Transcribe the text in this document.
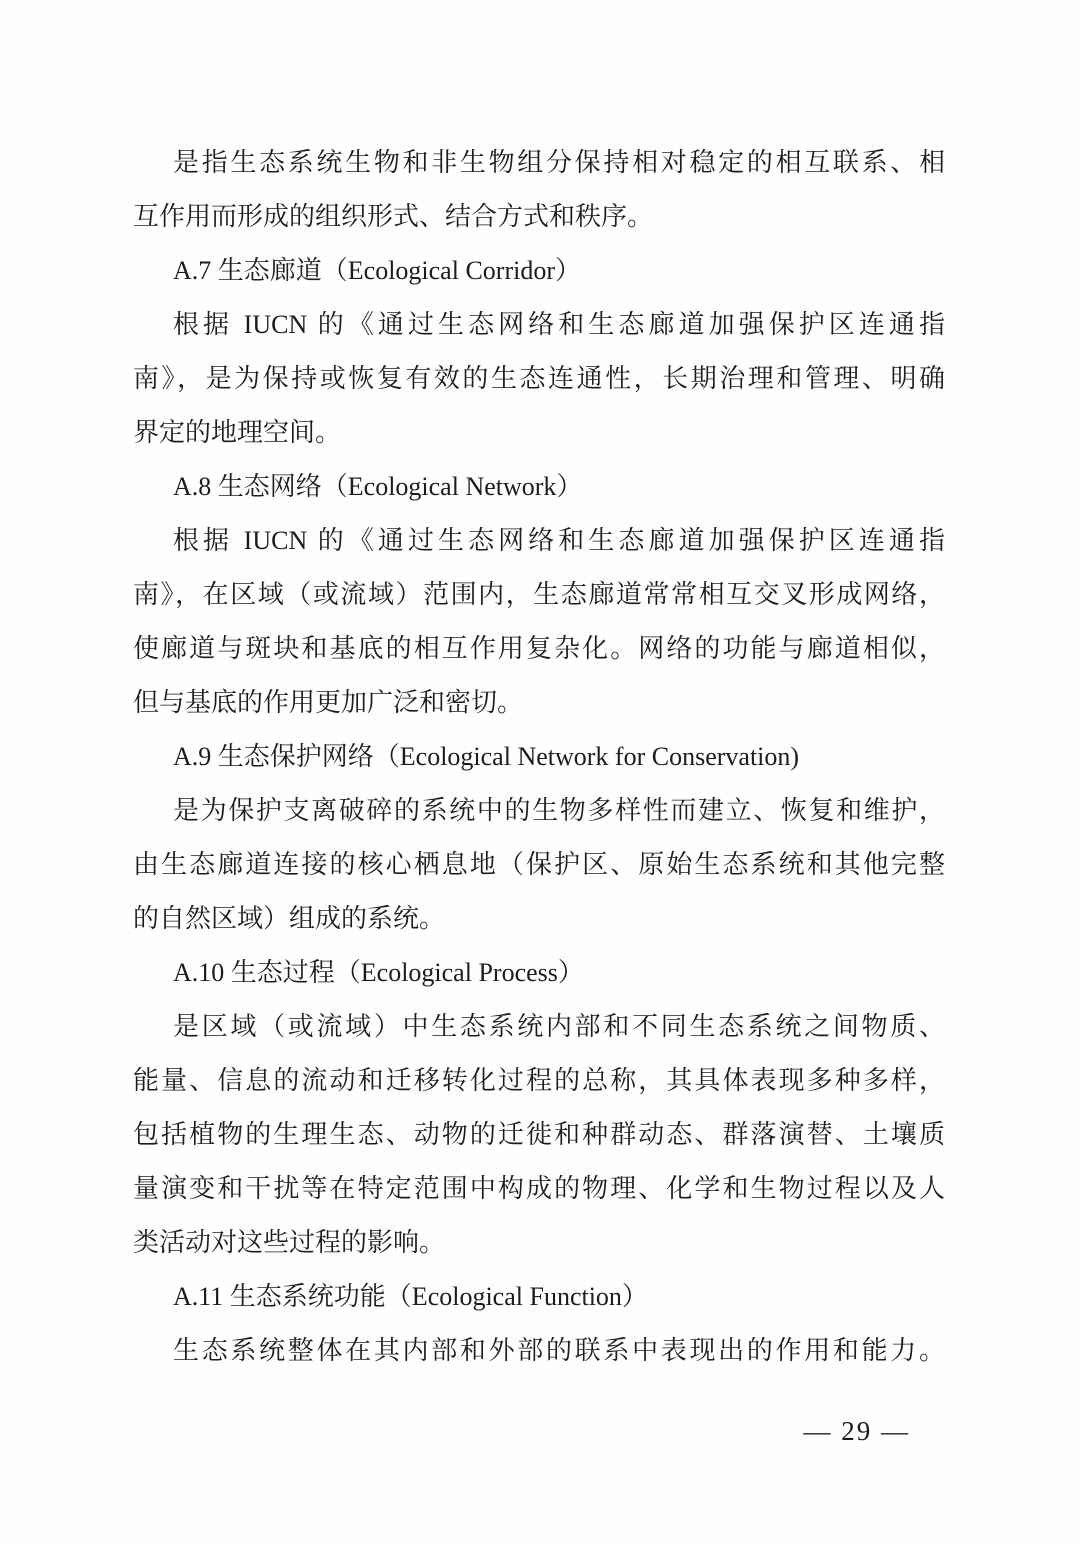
是指生态系统生物和非生物组分保持相对稳定的相互联系、相
互作用而形成的组织形式、结合方式和秩序。
A.7 生态廊道（Ecological Corridor）
根据 IUCN 的《通过生态网络和生态廊道加强保护区连通指
南》，是为保持或恢复有效的生态连通性，长期治理和管理、明确
界定的地理空间。
A.8 生态网络（Ecological Network）
根据 IUCN 的《通过生态网络和生态廊道加强保护区连通指
南》，在区域（或流域）范围内，生态廊道常常相互交叉形成网络，
使廊道与斑块和基底的相互作用复杂化。网络的功能与廊道相似，
但与基底的作用更加广泛和密切。
A.9 生态保护网络（Ecological Network for Conservation)
是为保护支离破碎的系统中的生物多样性而建立、恢复和维护，
由生态廊道连接的核心栖息地（保护区、原始生态系统和其他完整
的自然区域）组成的系统。
A.10 生态过程（Ecological Process）
是区域（或流域）中生态系统内部和不同生态系统之间物质、
能量、信息的流动和迁移转化过程的总称，其具体表现多种多样，
包括植物的生理生态、动物的迁徙和种群动态、群落演替、土壤质
量演变和干扰等在特定范围中构成的物理、化学和生物过程以及人
类活动对这些过程的影响。
A.11 生态系统功能（Ecological Function）
生态系统整体在其内部和外部的联系中表现出的作用和能力。
— 29 —
